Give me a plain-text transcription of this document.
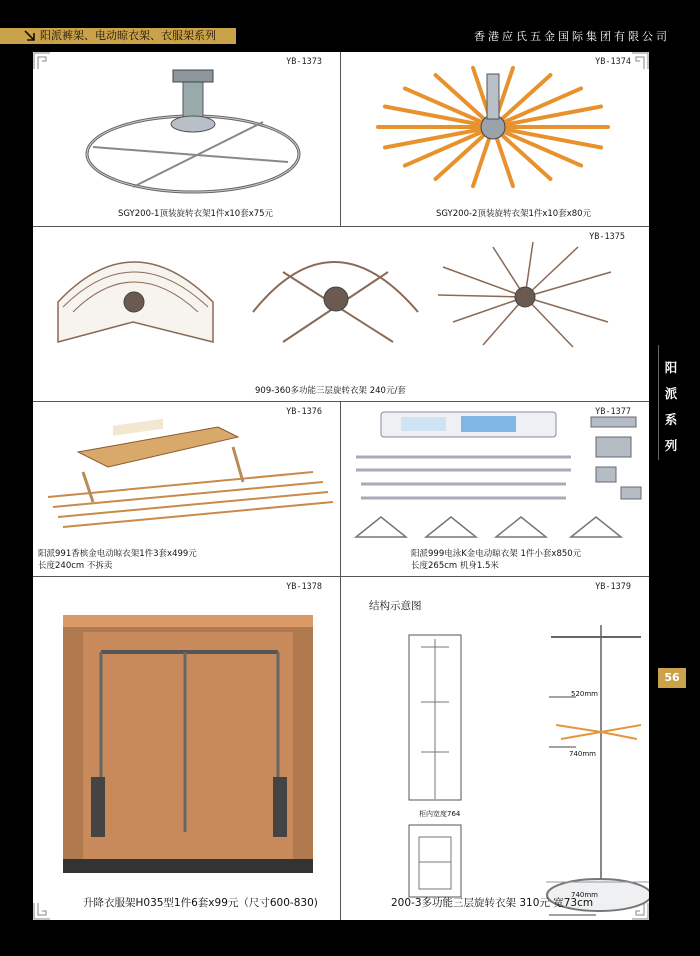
阳派裤架、电动晾衣架、衣服架系列	香港应氏五金国际集团有限公司
YB-1373
SGY200-1顶装旋转衣架1件x10套x75元
YB-1374
SGY200-2顶装旋转衣架1件x10套x80元
YB-1375
909-360多功能三层旋转衣架 240元/套
YB-1376
阳派991香槟金电动晾衣架1件3套x499元
长度240cm 不拆卖
YB-1377
阳派999电泳K金电动晾衣架 1件小套x850元
长度265cm 机身1.5米
YB-1378
升降衣服架H035型1件6套x99元（尺寸600-830)
YB-1379
结构示意图
520mm
740mm
740mm
柜内宽度764
200-3多功能三层旋转衣架 310元 宽73cm
阳派系列
56
